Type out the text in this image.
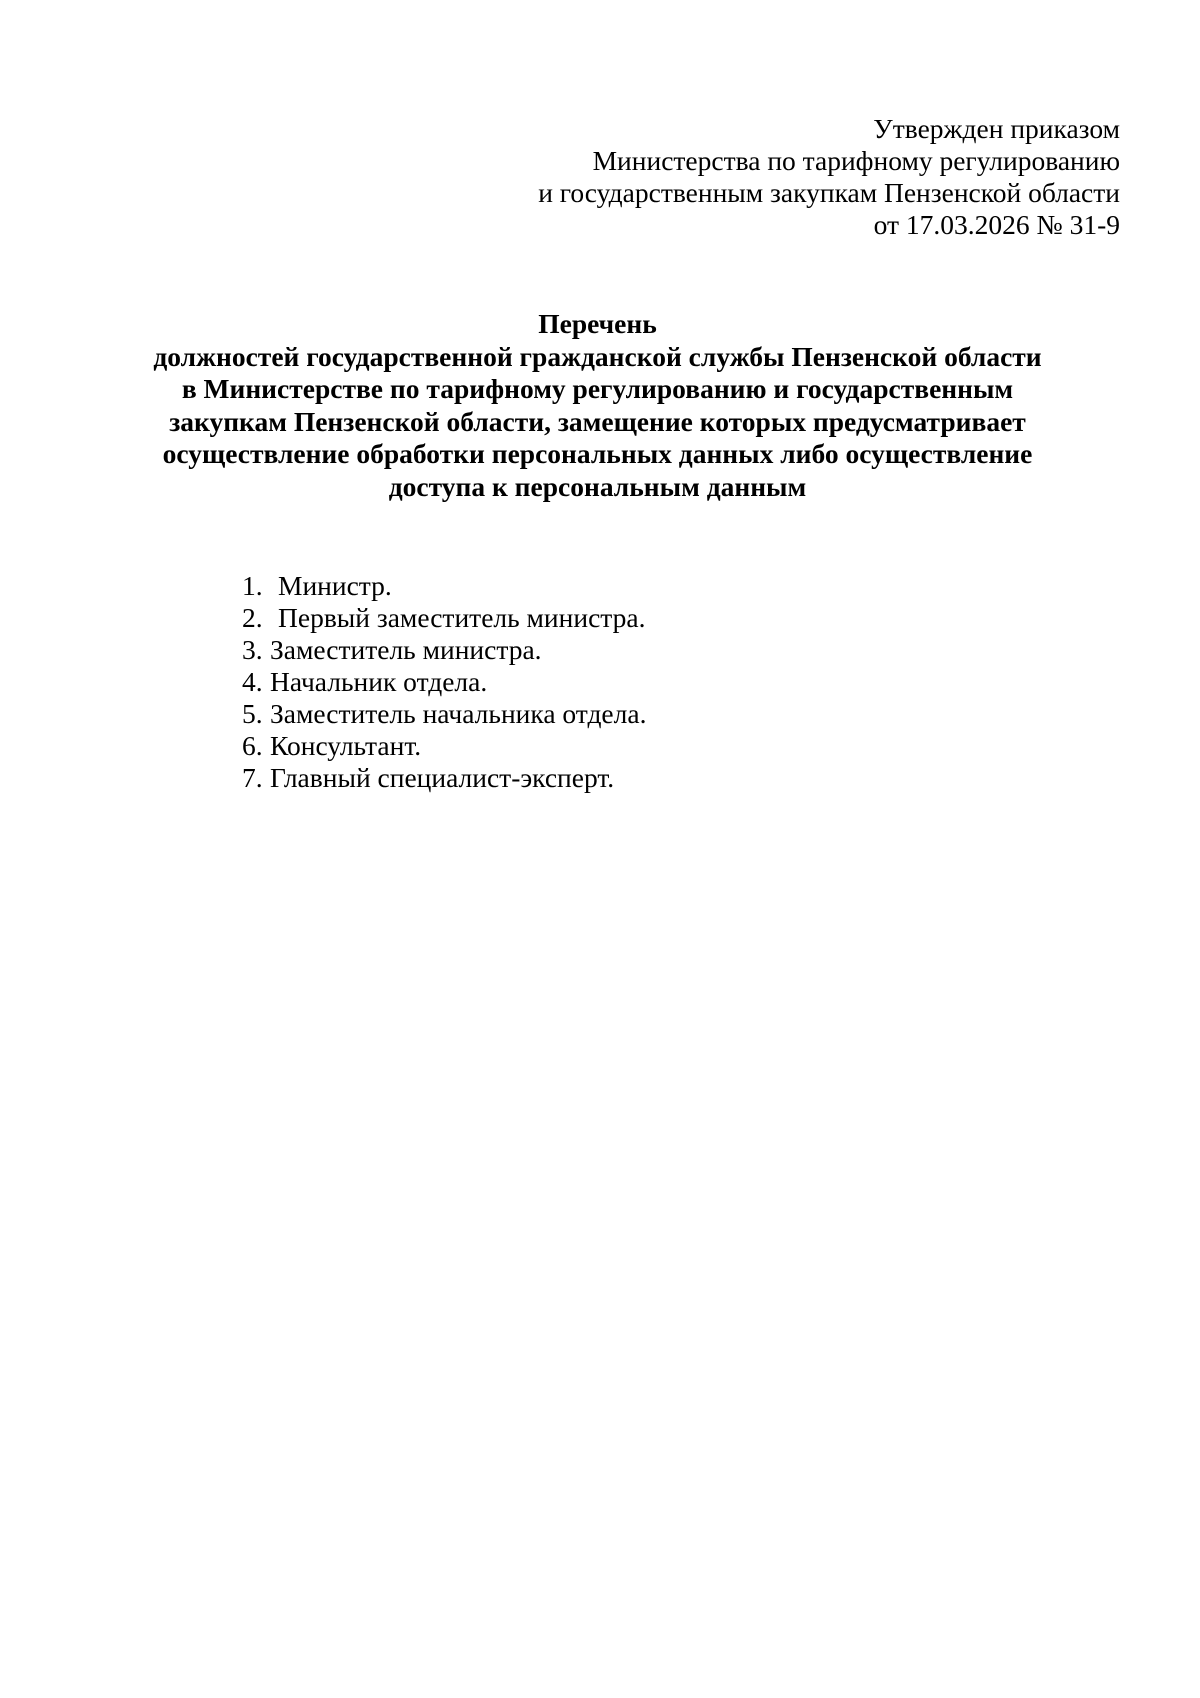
Утвержден приказом
Министерства по тарифному регулированию
и государственным закупкам Пензенской области
от 17.03.2026 № 31-9
Перечень
должностей государственной гражданской службы Пензенской области
в Министерстве по тарифному регулированию и государственным
закупкам Пензенской области, замещение которых предусматривает
осуществление обработки персональных данных либо осуществление
доступа к персональным данным
1. Министр.
2. Первый заместитель министра.
3. Заместитель министра.
4. Начальник отдела.
5. Заместитель начальника отдела.
6. Консультант.
7. Главный специалист-эксперт.
